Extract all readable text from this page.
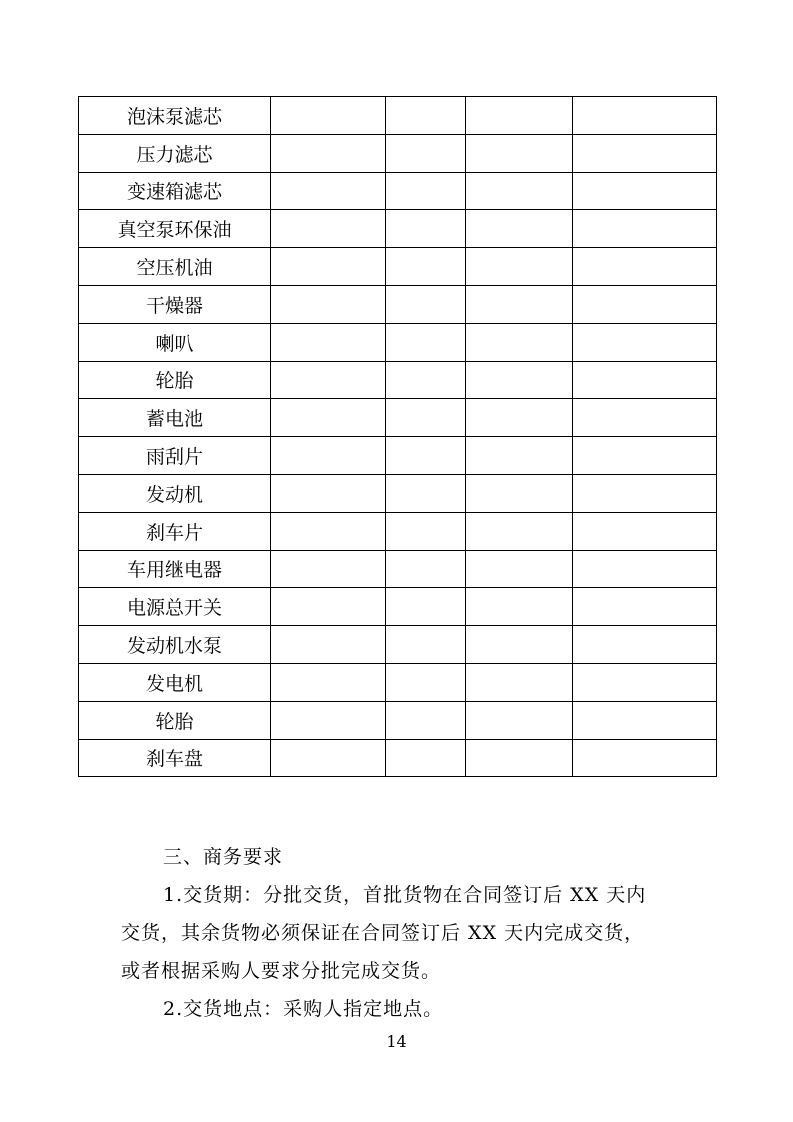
泡沫泵滤芯				
压力滤芯				
变速箱滤芯				
真空泵环保油				
空压机油				
干燥器				
喇叭				
轮胎				
蓄电池				
雨刮片				
发动机				
刹车片				
车用继电器				
电源总开关				
发动机水泵				
发电机				
轮胎				
刹车盘				
三、商务要求
1.交货期：分批交货，首批货物在合同签订后 XX 天内
交货，其余货物必须保证在合同签订后 XX 天内完成交货，
或者根据采购人要求分批完成交货。
2.交货地点：采购人指定地点。
14
